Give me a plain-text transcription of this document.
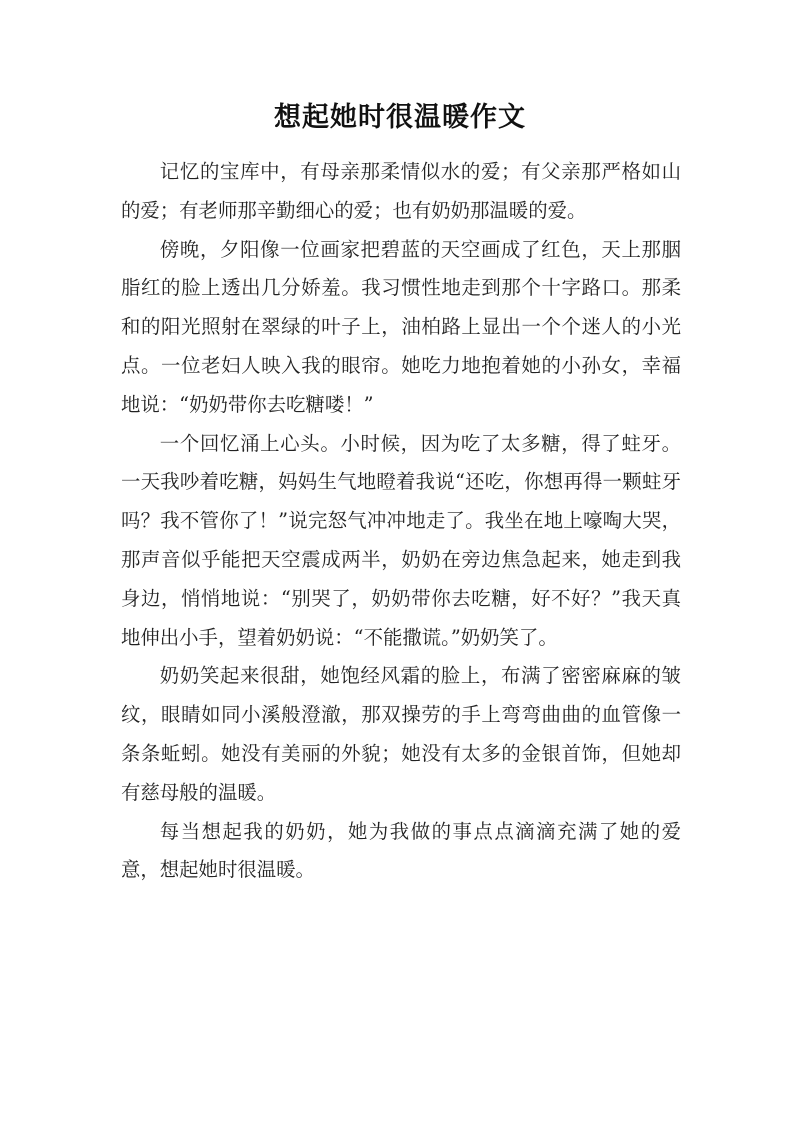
想起她时很温暖作文

记忆的宝库中，有母亲那柔情似水的爱；有父亲那严格如山的爱；有老师那辛勤细心的爱；也有奶奶那温暖的爱。

傍晚，夕阳像一位画家把碧蓝的天空画成了红色，天上那胭脂红的脸上透出几分娇羞。我习惯性地走到那个十字路口。那柔和的阳光照射在翠绿的叶子上，油柏路上显出一个个迷人的小光点。一位老妇人映入我的眼帘。她吃力地抱着她的小孙女，幸福地说：“奶奶带你去吃糖喽！”

一个回忆涌上心头。小时候，因为吃了太多糖，得了蛀牙。一天我吵着吃糖，妈妈生气地瞪着我说“还吃，你想再得一颗蛀牙吗？我不管你了！”说完怒气冲冲地走了。我坐在地上嚎啕大哭，那声音似乎能把天空震成两半，奶奶在旁边焦急起来，她走到我身边，悄悄地说：“别哭了，奶奶带你去吃糖，好不好？”我天真地伸出小手，望着奶奶说：“不能撒谎。”奶奶笑了。

奶奶笑起来很甜，她饱经风霜的脸上，布满了密密麻麻的皱纹，眼睛如同小溪般澄澈，那双操劳的手上弯弯曲曲的血管像一条条蚯蚓。她没有美丽的外貌；她没有太多的金银首饰，但她却有慈母般的温暖。

每当想起我的奶奶，她为我做的事点点滴滴充满了她的爱意，想起她时很温暖。
